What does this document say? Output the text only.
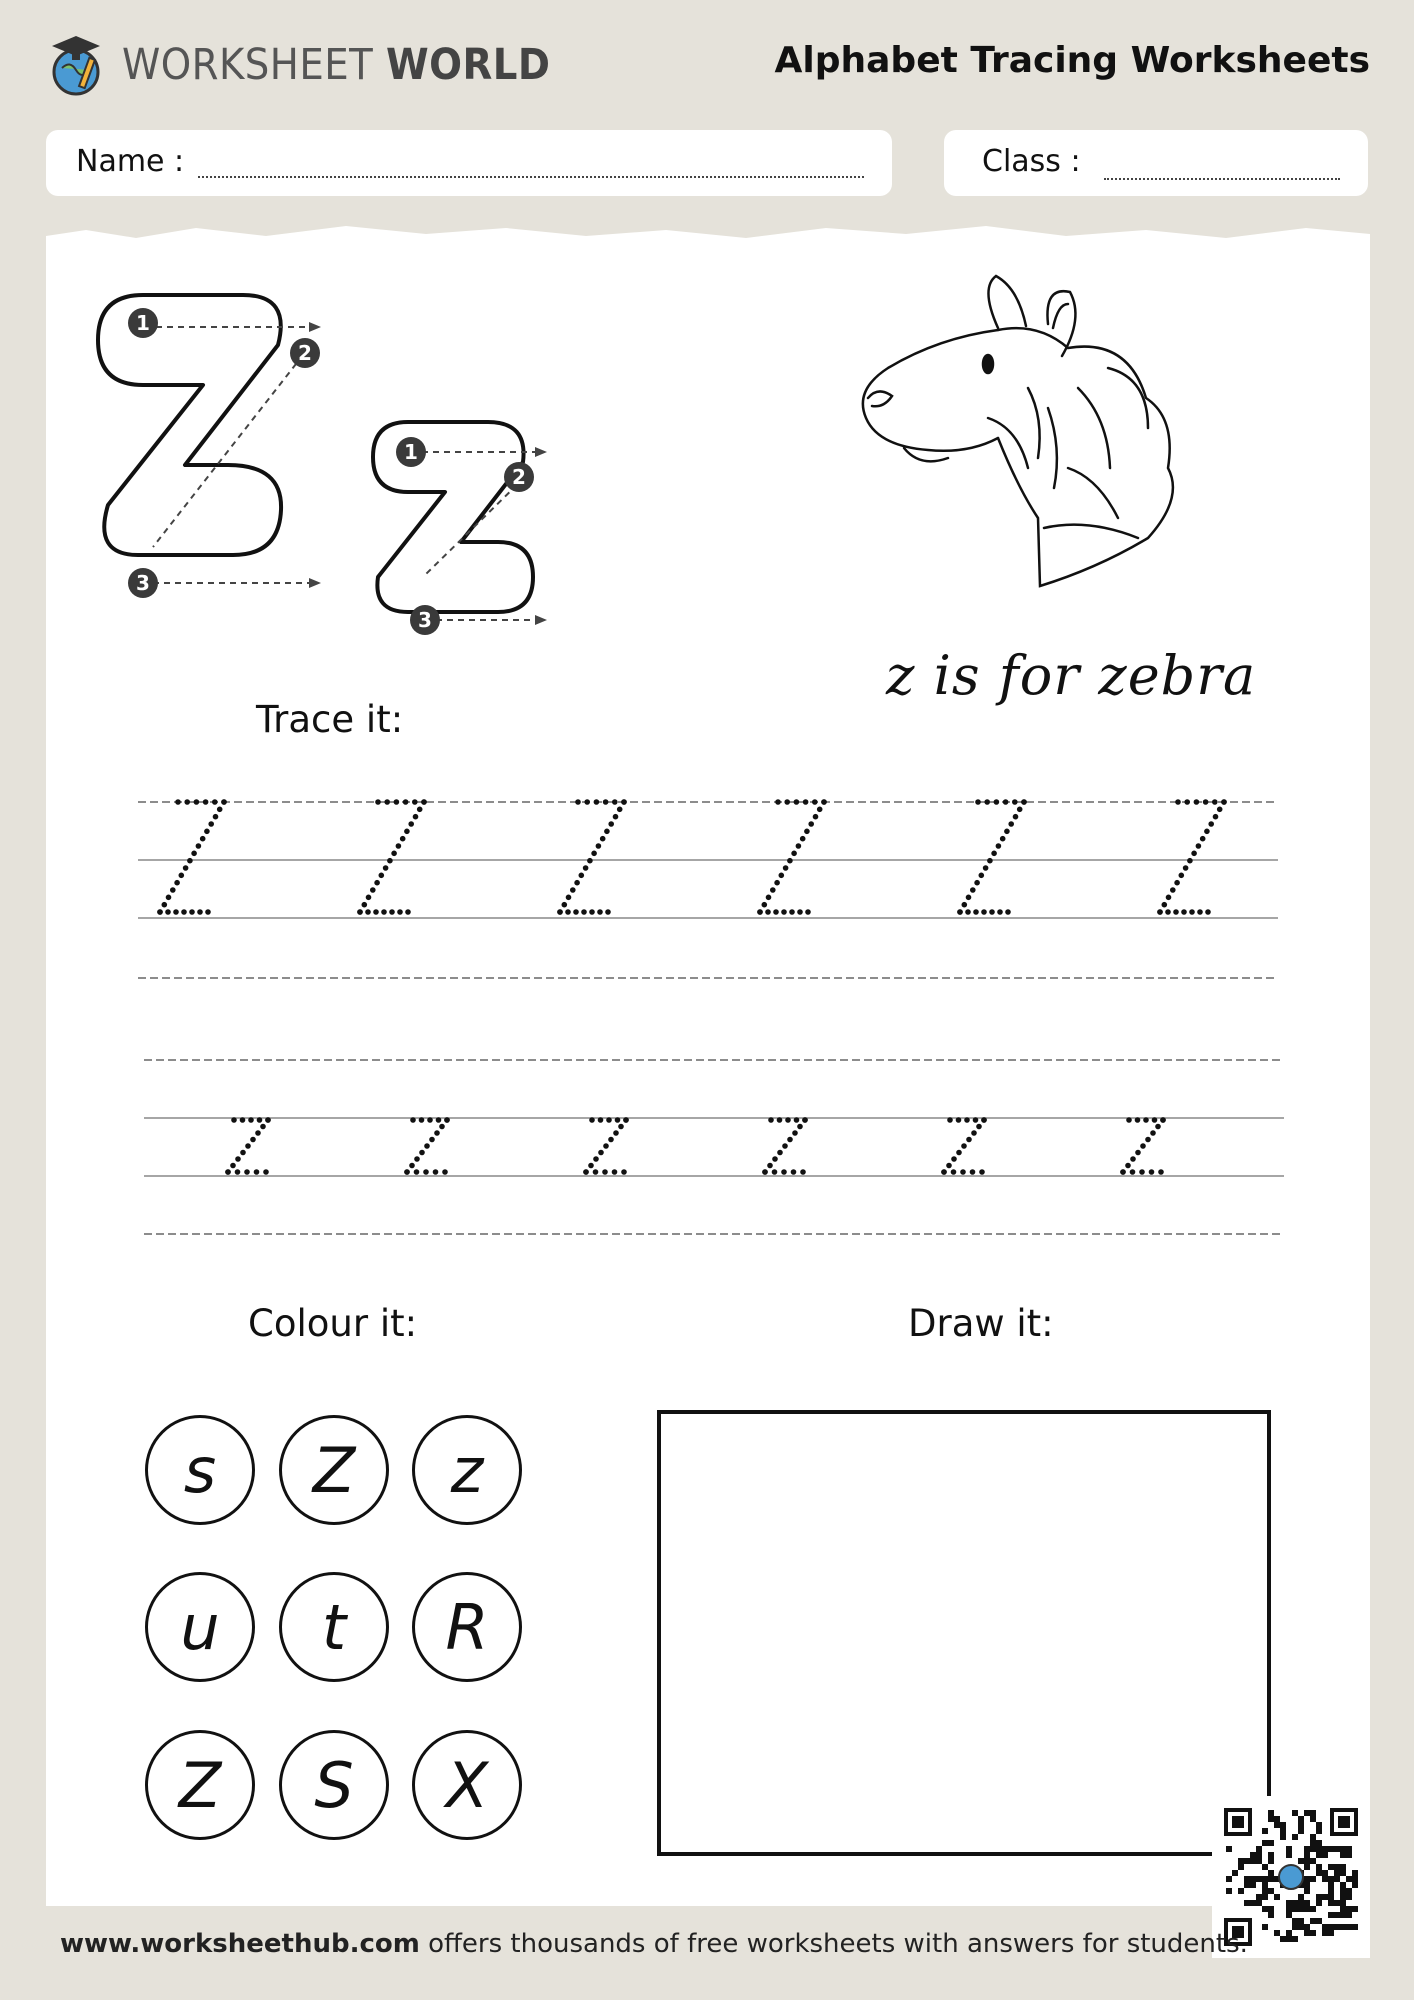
WORKSHEET WORLD	Alphabet Tracing Worksheets
Name :	Class :
1
2
3
1
2
3
z is for zebra
Trace it:
Colour it:	Draw it:
s	Z	z
u	t	R
Z	S	X
www.worksheethub.com offers thousands of free worksheets with answers for students.
